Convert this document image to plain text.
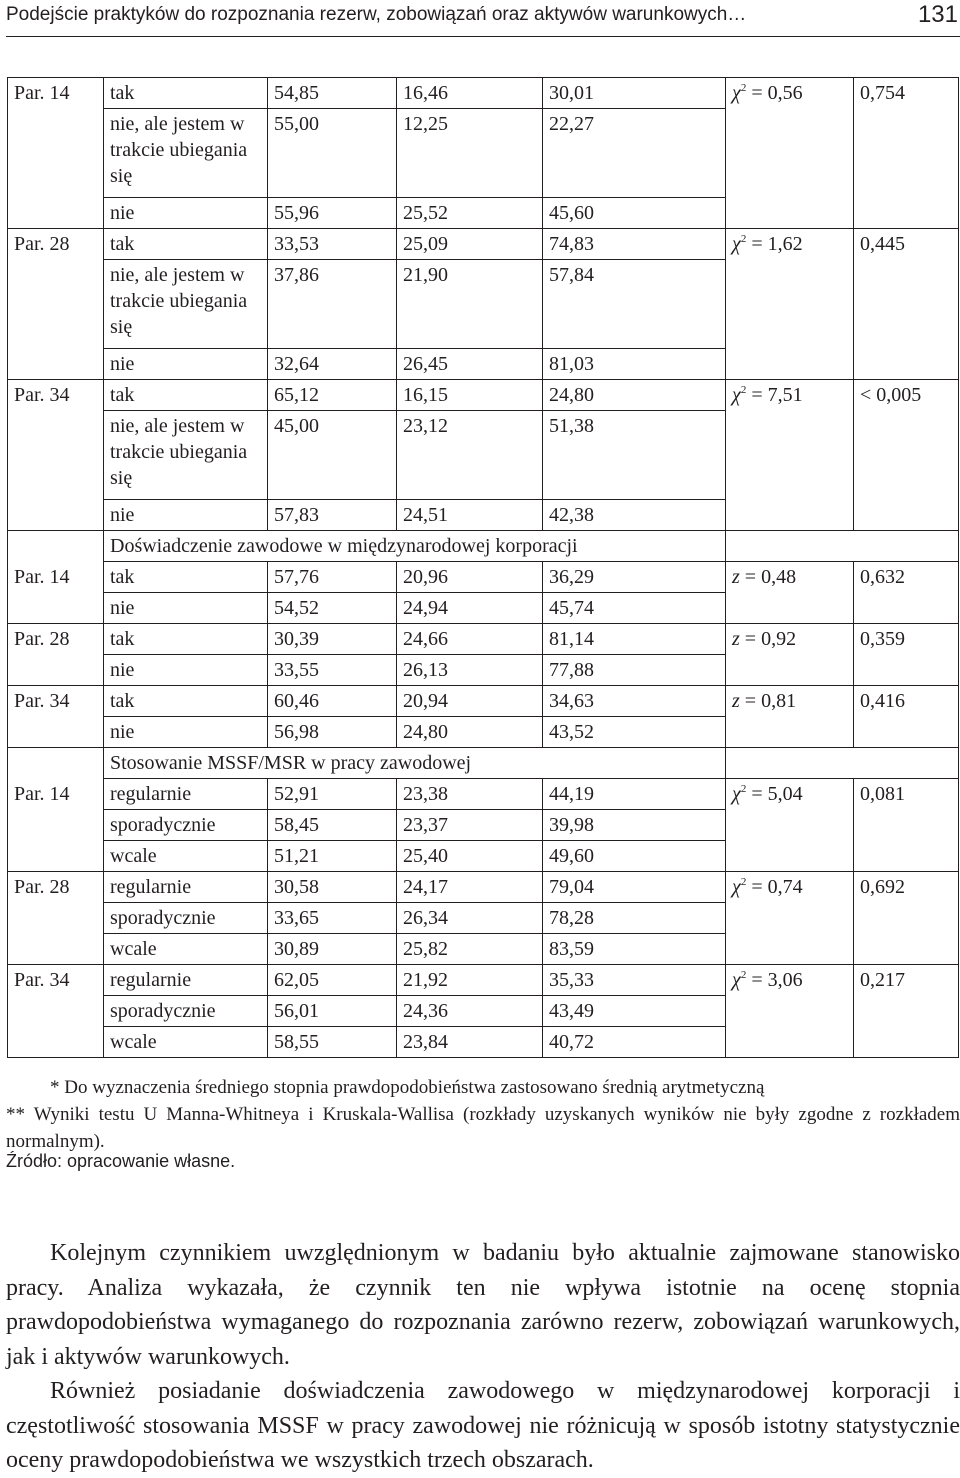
Podejście praktyków do rozpoznania rezerw, zobowiązań oraz aktywów warunkowych…	131
Par. 14	tak	54,85	16,46	30,01	$\chi^2 = 0,56$	0,754
	nie, ale jestem w trakcie ubiegania się	55,00	12,25	22,27		
	nie	55,96	25,52	45,60		
Par. 28	tak	33,53	25,09	74,83	$\chi^2 = 1,62$	0,445
	nie, ale jestem w trakcie ubiegania się	37,86	21,90	57,84		
	nie	32,64	26,45	81,03		
Par. 34	tak	65,12	16,15	24,80	$\chi^2 = 7,51$	< 0,005
	nie, ale jestem w trakcie ubiegania się	45,00	23,12	51,38		
	nie	57,83	24,51	42,38		
	Doświadczenie zawodowe w międzynarodowej korporacji					
Par. 14	tak	57,76	20,96	36,29	z = 0,48	0,632
	nie	54,52	24,94	45,74		
Par. 28	tak	30,39	24,66	81,14	z = 0,92	0,359
	nie	33,55	26,13	77,88		
Par. 34	tak	60,46	20,94	34,63	z = 0,81	0,416
	nie	56,98	24,80	43,52		
	Stosowanie MSSF/MSR w pracy zawodowej					
Par. 14	regularnie	52,91	23,38	44,19	$\chi^2 = 5,04$	0,081
	sporadycznie	58,45	23,37	39,98		
	wcale	51,21	25,40	49,60		
Par. 28	regularnie	30,58	24,17	79,04	$\chi^2 = 0,74$	0,692
	sporadycznie	33,65	26,34	78,28		
	wcale	30,89	25,82	83,59		
Par. 34	regularnie	62,05	21,92	35,33	$\chi^2 = 3,06$	0,217
	sporadycznie	56,01	24,36	43,49		
	wcale	58,55	23,84	40,72		

* Do wyznaczenia średniego stopnia prawdopodobieństwa zastosowano średnią arytmetyczną

** Wyniki testu U Manna-Whitneya i Kruskala-Wallisa (rozkłady uzyskanych wyników nie były zgodne z rozkładem normalnym).

Źródło: opracowanie własne.

Kolejnym czynnikiem uwzględnionym w badaniu było aktualnie zajmowane stanowisko pracy. Analiza wykazała, że czynnik ten nie wpływa istotnie na ocenę stopnia prawdopodobieństwa wymaganego do rozpoznania zarówno rezerw, zobowiązań warunkowych, jak i aktywów warunkowych.

Również posiadanie doświadczenia zawodowego w międzynarodowej korporacji i częstotliwość stosowania MSSF w pracy zawodowej nie różnicują w sposób istotny statystycznie oceny prawdopodobieństwa we wszystkich trzech obszarach.
